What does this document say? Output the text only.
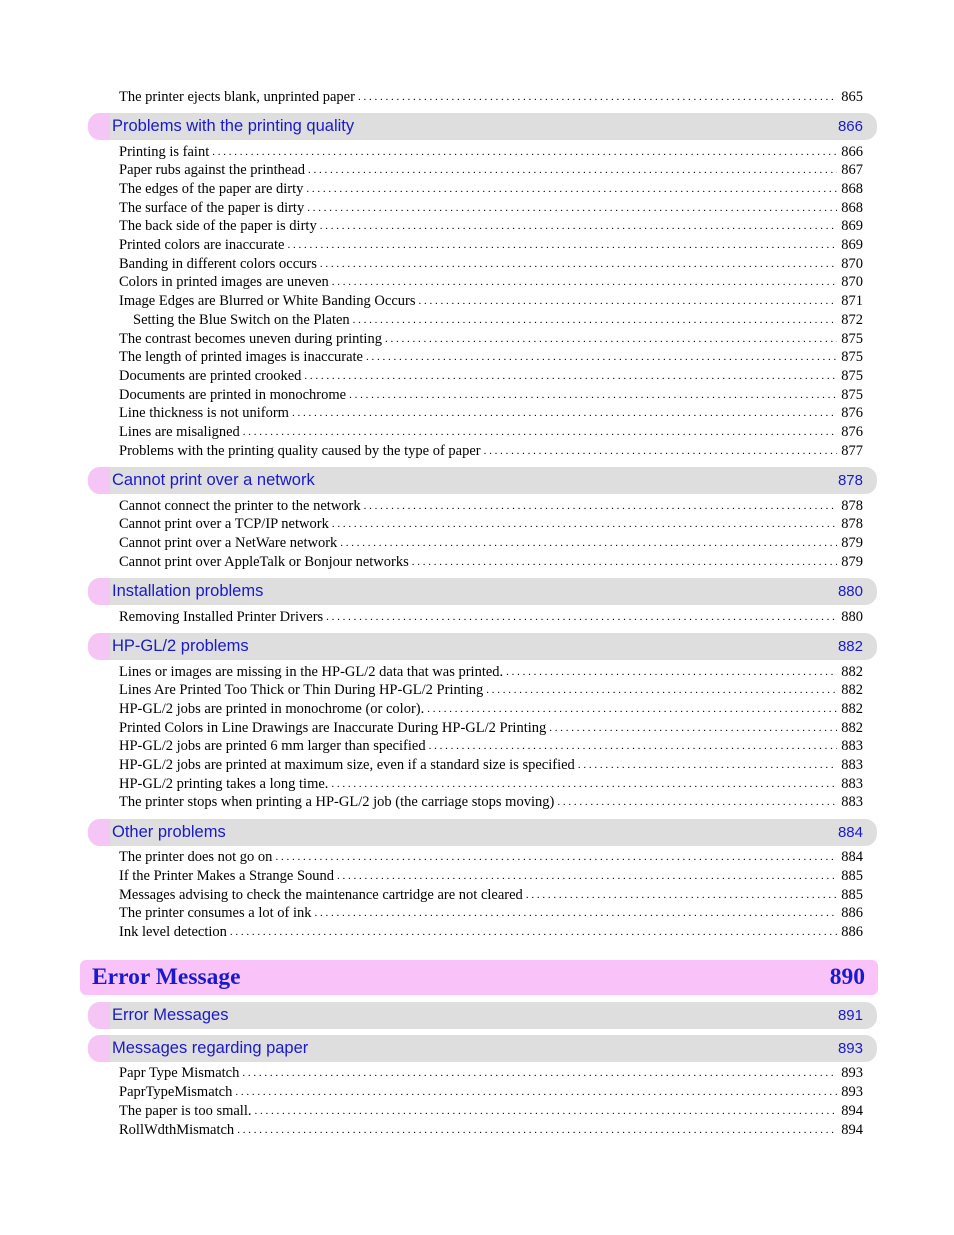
The printer ejects blank, unprinted paper . . .	865
Problems with the printing quality	866
Printing is faint . . .	866
Paper rubs against the printhead . . .	867
The edges of the paper are dirty . . .	868
The surface of the paper is dirty . . .	868
The back side of the paper is dirty . . .	869
Printed colors are inaccurate . . .	869
Banding in different colors occurs . . .	870
Colors in printed images are uneven . . .	870
Image Edges are Blurred or White Banding Occurs . . .	871
Setting the Blue Switch on the Platen . . .	872
The contrast becomes uneven during printing . . .	875
The length of printed images is inaccurate . . .	875
Documents are printed crooked . . .	875
Documents are printed in monochrome . . .	875
Line thickness is not uniform . . .	876
Lines are misaligned . . .	876
Problems with the printing quality caused by the type of paper . . .	877
Cannot print over a network	878
Cannot connect the printer to the network . . .	878
Cannot print over a TCP/IP network . . .	878
Cannot print over a NetWare network . . .	879
Cannot print over AppleTalk or Bonjour networks . . .	879
Installation problems	880
Removing Installed Printer Drivers . . .	880
HP-GL/2 problems	882
Lines or images are missing in the HP-GL/2 data that was printed. . . .	882
Lines Are Printed Too Thick or Thin During HP-GL/2 Printing . . .	882
HP-GL/2 jobs are printed in monochrome (or color). . . .	882
Printed Colors in Line Drawings are Inaccurate During HP-GL/2 Printing . . .	882
HP-GL/2 jobs are printed 6 mm larger than specified . . .	883
HP-GL/2 jobs are printed at maximum size, even if a standard size is specified . . .	883
HP-GL/2 printing takes a long time. . . .	883
The printer stops when printing a HP-GL/2 job (the carriage stops moving) . . .	883
Other problems	884
The printer does not go on . . .	884
If the Printer Makes a Strange Sound . . .	885
Messages advising to check the maintenance cartridge are not cleared . . .	885
The printer consumes a lot of ink . . .	886
Ink level detection . . .	886
Error Message	890
Error Messages	891
Messages regarding paper	893
Papr Type Mismatch . . .	893
PaprTypeMismatch . . .	893
The paper is too small. . . .	894
RollWdthMismatch . . .	894
